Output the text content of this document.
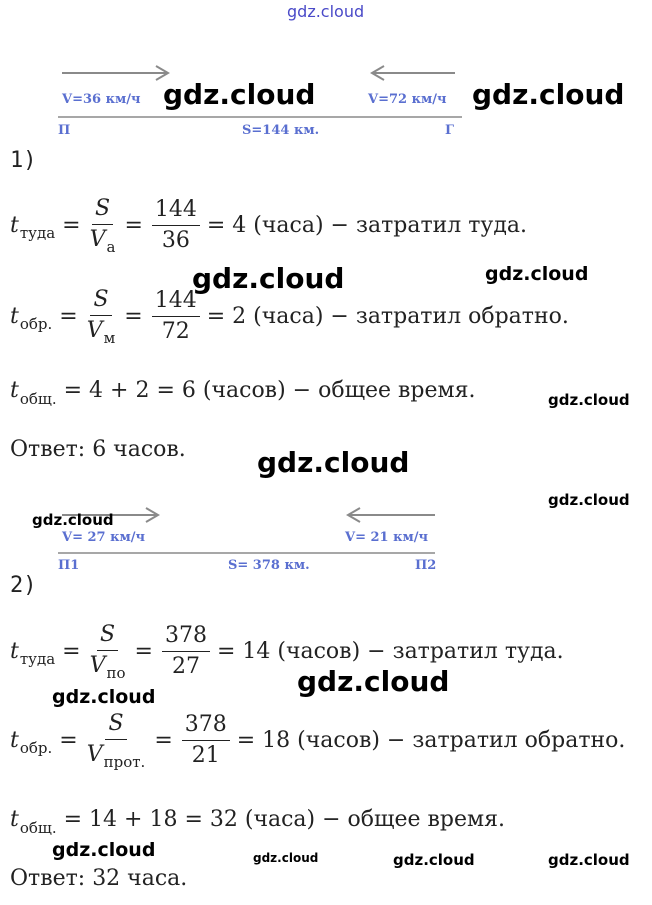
V=36 км/ч	V=72 км/ч
П	Г
S=144 км.
1)
t туда = $\frac{S}{V_a} = \frac{144}{36} = 4$ (часа) − затратил туда.
t обр. = $\frac{S}{V_м} = \frac{144}{72} = 2$ (часа) − затратил обратно.
t общ. = 4 + 2 = 6 (часов) − общее время.
Ответ: 6 часов.
V= 27 км/ч	V= 21 км/ч
П1	П2
S= 378 км.
2)
t туда = $\frac{S}{V_{по}} = \frac{378}{27} = 14$ (часов) − затратил туда.
t обр. = $\frac{S}{V_{прот.}} = \frac{378}{21} = 18$ (часов) − затратил обратно.
t общ. = 14 + 18 = 32 (часа) − общее время.
Ответ: 32 часа.
gdz.cloud
gdz.cloud	gdz.cloud
gdz.cloud	gdz.cloud
gdz.cloud
gdz.cloud
gdz.cloud
gdz.cloud
gdz.cloud
gdz.cloud
gdz.cloud	gdz.cloud	gdz.cloud	gdz.cloud
